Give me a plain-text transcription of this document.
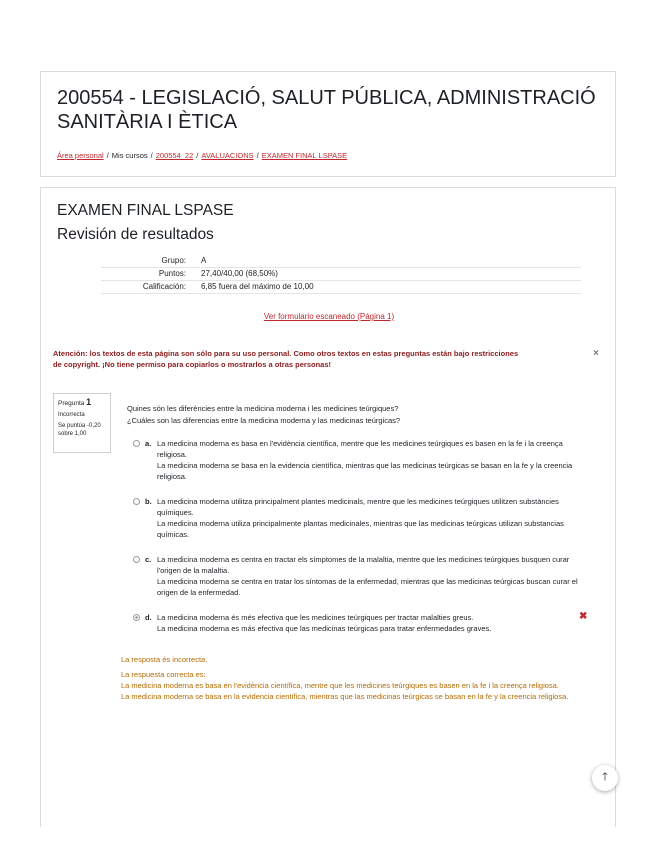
200554 - LEGISLACIÓ, SALUT PÚBLICA, ADMINISTRACIÓ SANITÀRIA I ÈTICA
Área personal / Mis cursos / 200554_22 / AVALUACIONS / EXAMEN FINAL LSPASE
EXAMEN FINAL LSPASE
Revisión de resultados
Grupo: A
Puntos: 27,40/40,00 (68,50%)
Calificación: 6,85 fuera del máximo de 10,00
Ver formulario escaneado (Página 1)
Atención: los textos de esta página son sólo para su uso personal. Como otros textos en estas preguntas están bajo restricciones de copyright. ¡No tiene permiso para copiarlos o mostrarlos a otras personas!
×
Pregunta 1
Incorrecta
Se puntúa -0,20 sobre 1,00

Quines són les diferències entre la medicina moderna i les medicines teúrgiques?

¿Cuáles son las diferencias entre la medicina moderna y las medicinas teúrgicas?

a. La medicina moderna es basa en l'evidència científica, mentre que les medicines teúrgiques es basen en la fe i la creença religiosa.
La medicina moderna se basa en la evidencia científica, mientras que las medicinas teúrgicas se basan en la fe y la creencia religiosa.
b. La medicina moderna utilitza principalment plantes medicinals, mentre que les medicines teúrgiques utilitzen substàncies químiques.
La medicina moderna utiliza principalmente plantas medicinales, mientras que las medicinas teúrgicas utilizan substancias químicas.
c. La medicina moderna es centra en tractar els símptomes de la malaltia, mentre que les medicines teúrgiques busquen curar l'origen de la malaltia.
La medicina moderna se centra en tratar los síntomas de la enfermedad, mientras que las medicinas teúrgicas buscan curar el origen de la enfermedad.
d. La medicina moderna és més efectiva que les medicines teúrgiques per tractar malalties greus.
La medicina moderna es más efectiva que las medicinas teúrgicas para tratar enfermedades graves.
✖

La resposta és incorrecta.

La respuesta correcta es:

La medicina moderna es basa en l'evidència científica, mentre que les medicines teúrgiques es basen en la fe i la creença religiosa.

La medicina moderna se basa en la evidencia científica, mientras que las medicinas teúrgicas se basan en la fe y la creencia religiosa.

🡑
